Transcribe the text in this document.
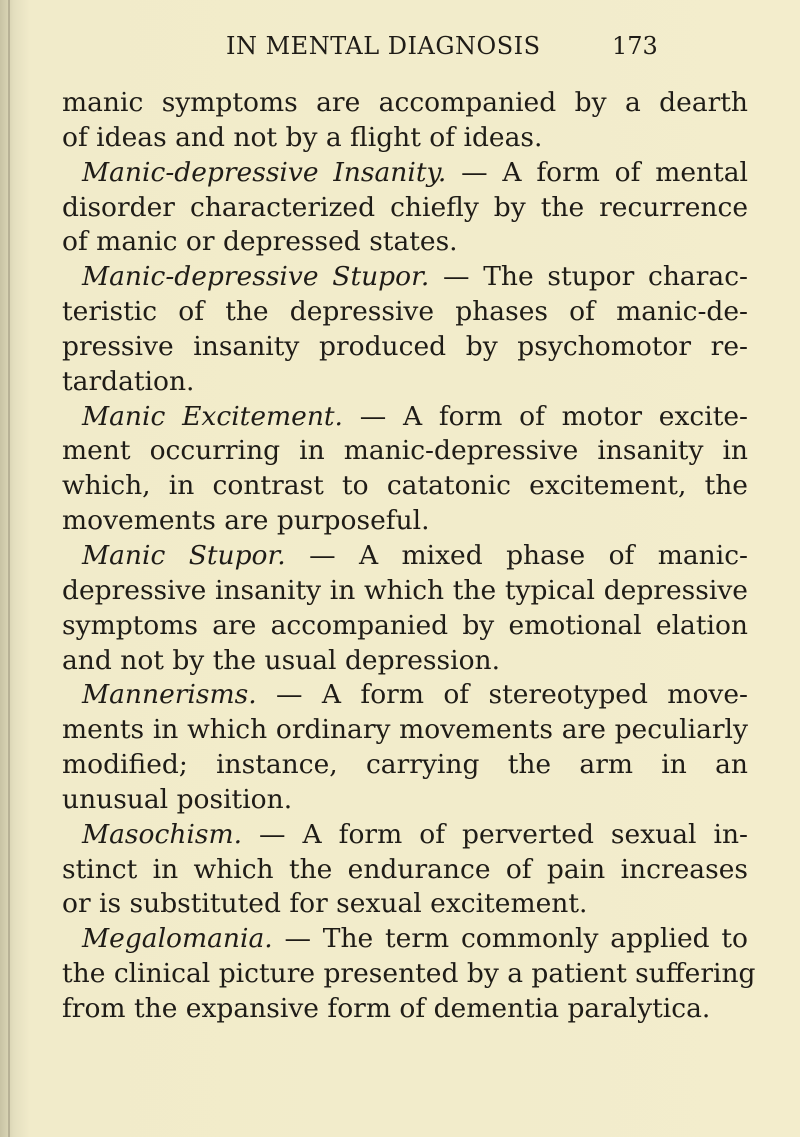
IN MENTAL DIAGNOSIS	173
manic symptoms are accompanied by a dearth
of ideas and not by a flight of ideas.
Manic-depressive Insanity. — A form of mental
disorder characterized chiefly by the recurrence
of manic or depressed states.
Manic-depressive Stupor. — The stupor charac-
teristic of the depressive phases of manic-de-
pressive insanity produced by psychomotor re-
tardation.
Manic Excitement. — A form of motor excite-
ment occurring in manic-depressive insanity in
which, in contrast to catatonic excitement, the
movements are purposeful.
Manic Stupor. — A mixed phase of manic-
depressive insanity in which the typical depressive
symptoms are accompanied by emotional elation
and not by the usual depression.
Mannerisms. — A form of stereotyped move-
ments in which ordinary movements are peculiarly
modified; instance, carrying the arm in an
unusual position.
Masochism. — A form of perverted sexual in-
stinct in which the endurance of pain increases
or is substituted for sexual excitement.
Megalomania. — The term commonly applied to
the clinical picture presented by a patient suffering
from the expansive form of dementia paralytica.
